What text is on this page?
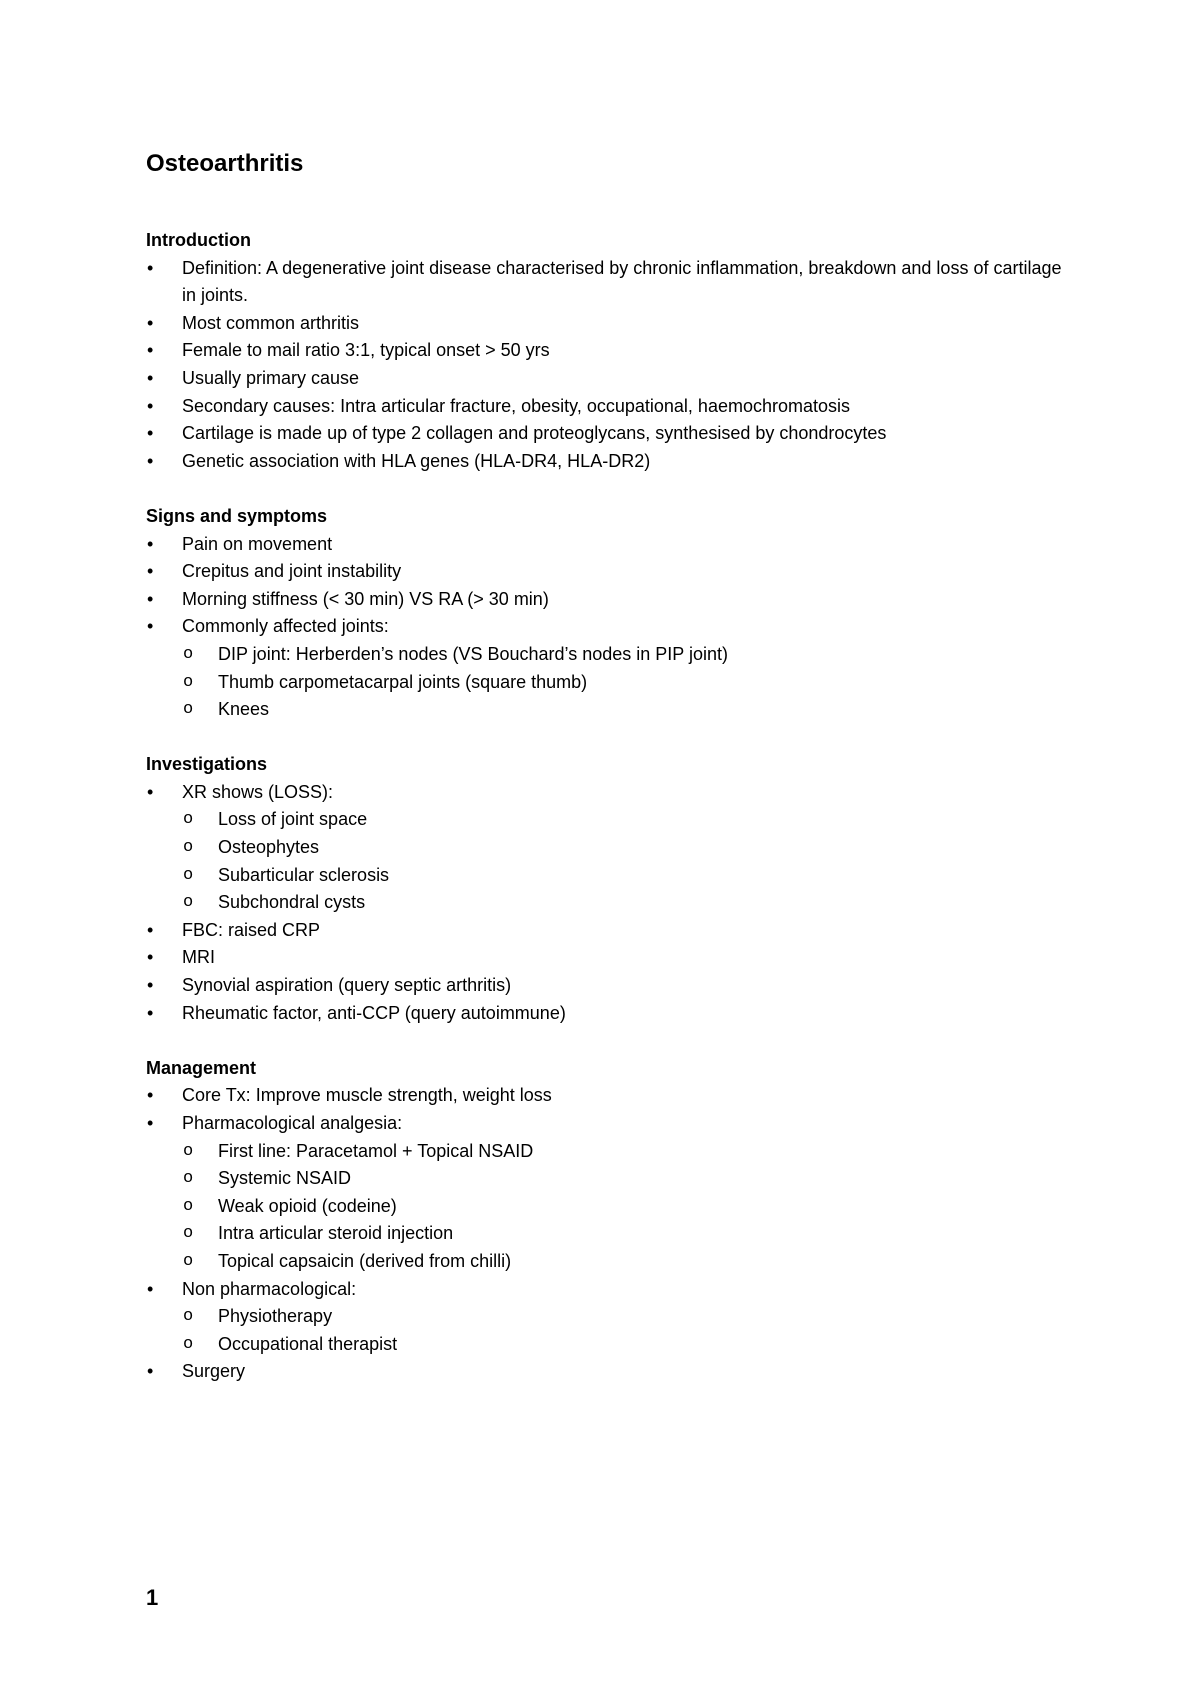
Osteoarthritis
Introduction
• Definition: A degenerative joint disease characterised by chronic inflammation, breakdown and loss of cartilage in joints.
• Most common arthritis
• Female to mail ratio 3:1, typical onset > 50 yrs
• Usually primary cause
• Secondary causes: Intra articular fracture, obesity, occupational, haemochromatosis
• Cartilage is made up of type 2 collagen and proteoglycans, synthesised by chondrocytes
• Genetic association with HLA genes (HLA-DR4, HLA-DR2)
Signs and symptoms
• Pain on movement
• Crepitus and joint instability
• Morning stiffness (< 30 min) VS RA (> 30 min)
• Commonly affected joints:
o DIP joint: Herberden’s nodes (VS Bouchard’s nodes in PIP joint)
o Thumb carpometacarpal joints (square thumb)
o Knees
Investigations
• XR shows (LOSS):
o Loss of joint space
o Osteophytes
o Subarticular sclerosis
o Subchondral cysts
• FBC: raised CRP
• MRI
• Synovial aspiration (query septic arthritis)
• Rheumatic factor, anti-CCP (query autoimmune)
Management
• Core Tx: Improve muscle strength, weight loss
• Pharmacological analgesia:
o First line: Paracetamol + Topical NSAID
o Systemic NSAID
o Weak opioid (codeine)
o Intra articular steroid injection
o Topical capsaicin (derived from chilli)
• Non pharmacological:
o Physiotherapy
o Occupational therapist
• Surgery
1
